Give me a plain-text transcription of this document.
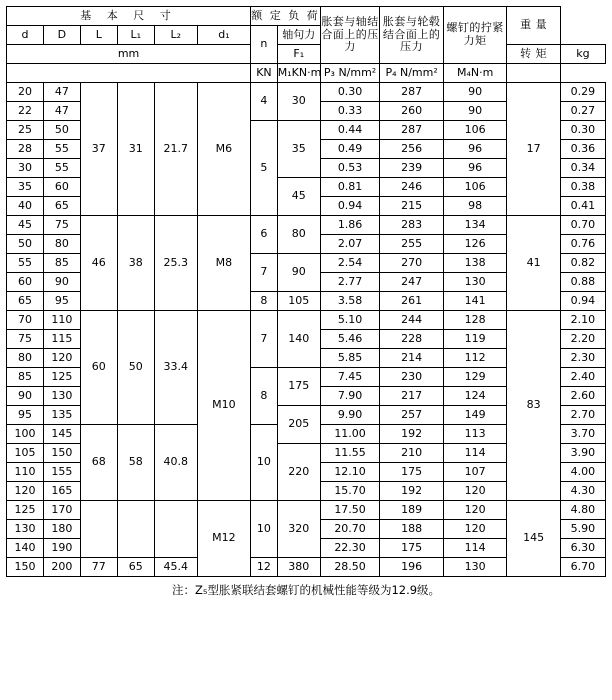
基 本 尺 寸						额 定 负 荷		胀套与轴结合面上的压力	胀套与轮毂结合面上的压力	螺钉的拧紧力矩	重 量	
d	D	L	L₁	L₂	d₁	n	轴句力					
mm							F₁				转 矩	kg

						KN	M₁KN·m	P₃ N/mm²	P₄ N/mm²	M₄N·m		
20	47	37	31	21.7	M6	4	30	0.30	287	90	17	0.29
22	47							0.33	260	90		0.27
25	50					5	35	0.44	287	106		0.30
28	55							0.49	256	96		0.36
30	55							0.53	239	96		0.34
35	60						45	0.81	246	106		0.38
40	65							0.94	215	98		0.41
45	75	46	38	25.3	M8	6	80	1.86	283	134	41	0.70
50	80							2.07	255	126		0.76
55	85					7	90	2.54	270	138		0.82
60	90							2.77	247	130		0.88
65	95					8	105	3.58	261	141		0.94
70	110	60	50	33.4	M10	7	140	5.10	244	128	83	2.10
75	115							5.46	228	119		2.20
80	120							5.85	214	112		2.30
85	125					8	175	7.45	230	129		2.40
90	130							7.90	217	124		2.60
95	135						205	9.90	257	149		2.70
100	145	68	58	40.8		10		11.00	192	113		3.70
105	150						220	11.55	210	114		3.90
110	155							12.10	175	107		4.00
120	165							15.70	192	120		4.30
125	170				M12	10	320	17.50	189	120	145	4.80
130	180							20.70	188	120		5.90
140	190							22.30	175	114		6.30
150	200	77	65	45.4		12	380	28.50	196	130		6.70
注：Z₅型胀紧联结套螺钉的机械性能等级为12.9级。
